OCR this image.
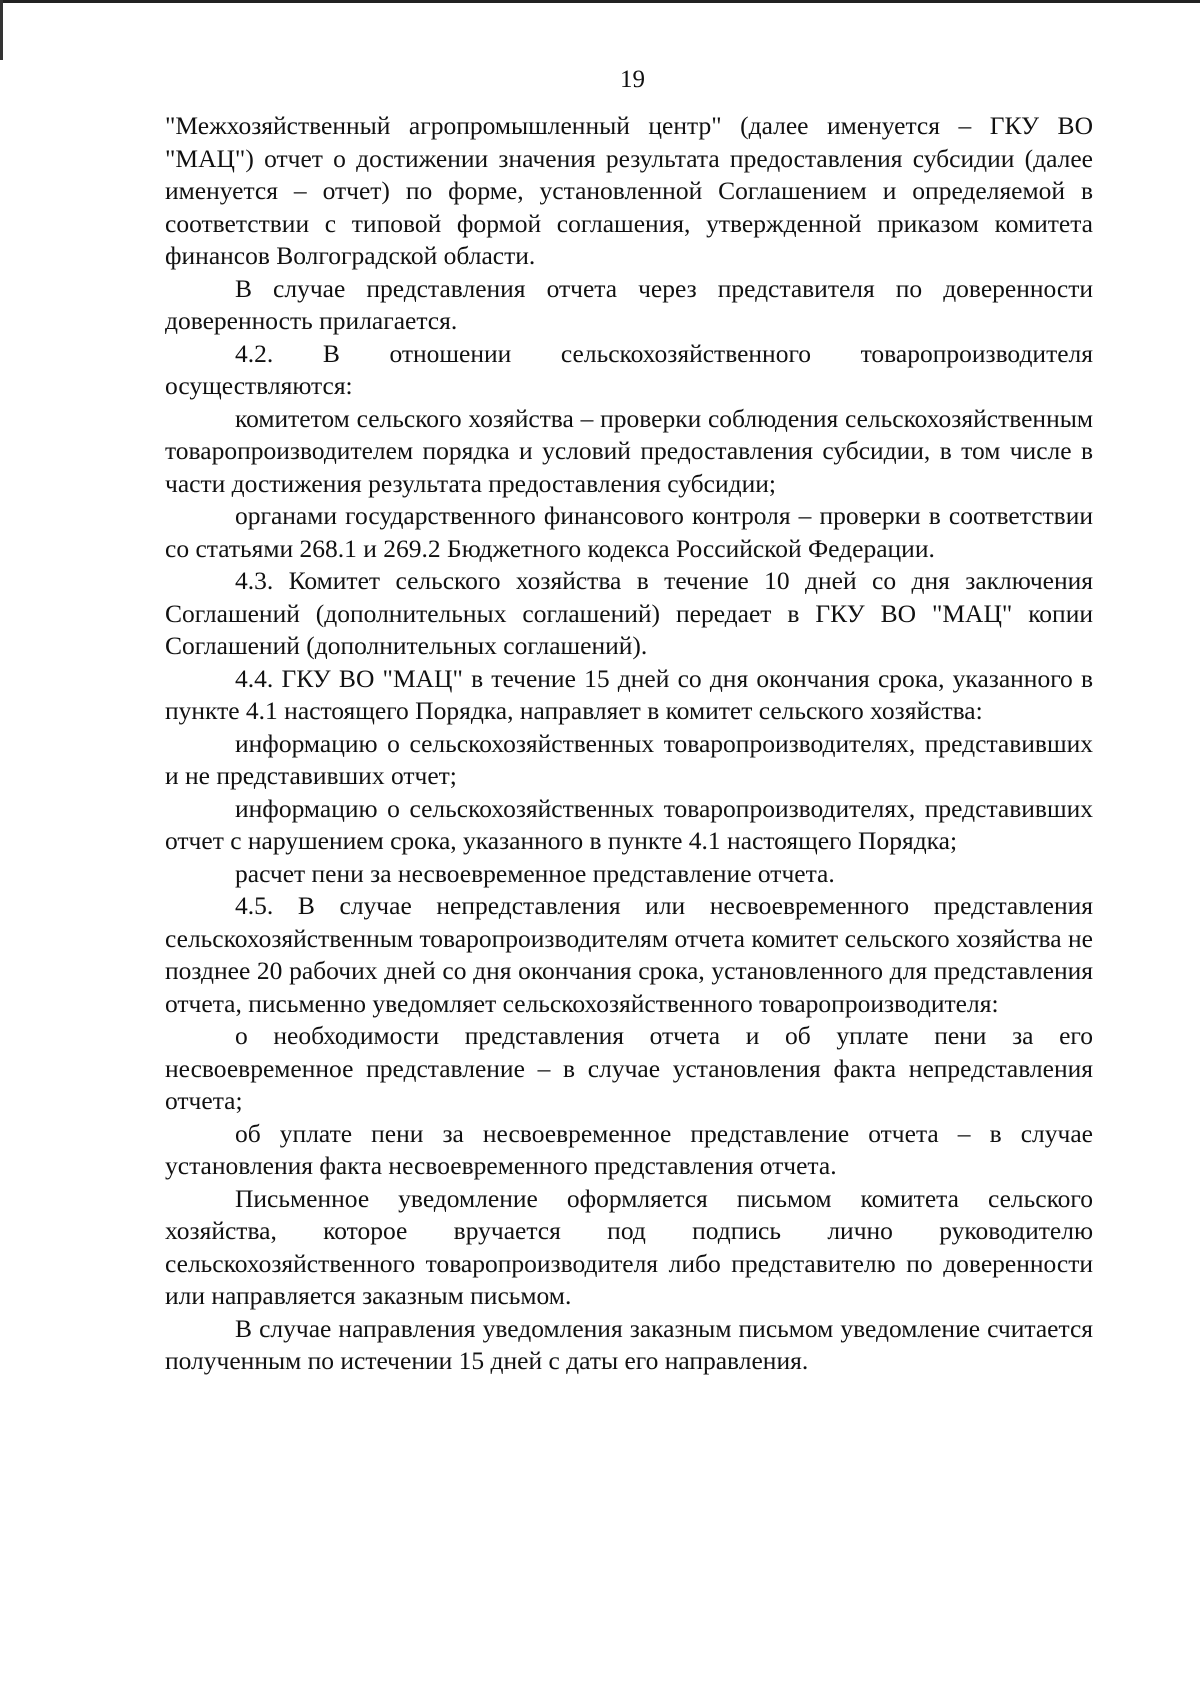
19

"Межхозяйственный агропромышленный центр" (далее именуется – ГКУ ВО "МАЦ") отчет о достижении значения результата предоставления субсидии (далее именуется – отчет) по форме, установленной Соглашением и определяемой в соответствии с типовой формой соглашения, утвержденной приказом комитета финансов Волгоградской области.

В случае представления отчета через представителя по доверенности доверенность прилагается.

4.2. В отношении сельскохозяйственного товаропроизводителя осуществляются:

комитетом сельского хозяйства – проверки соблюдения сельскохозяйственным товаропроизводителем порядка и условий предоставления субсидии, в том числе в части достижения результата предоставления субсидии;

органами государственного финансового контроля – проверки в соответствии со статьями 268.1 и 269.2 Бюджетного кодекса Российской Федерации.

4.3. Комитет сельского хозяйства в течение 10 дней со дня заключения Соглашений (дополнительных соглашений) передает в ГКУ ВО "МАЦ" копии Соглашений (дополнительных соглашений).

4.4. ГКУ ВО "МАЦ" в течение 15 дней со дня окончания срока, указанного в пункте 4.1 настоящего Порядка, направляет в комитет сельского хозяйства:

информацию о сельскохозяйственных товаропроизводителях, представивших и не представивших отчет;

информацию о сельскохозяйственных товаропроизводителях, представивших отчет с нарушением срока, указанного в пункте 4.1 настоящего Порядка;

расчет пени за несвоевременное представление отчета.

4.5. В случае непредставления или несвоевременного представления сельскохозяйственным товаропроизводителям отчета комитет сельского хозяйства не позднее 20 рабочих дней со дня окончания срока, установленного для представления отчета, письменно уведомляет сельскохозяйственного товаропроизводителя:

о необходимости представления отчета и об уплате пени за его несвоевременное представление – в случае установления факта непредставления отчета;

об уплате пени за несвоевременное представление отчета – в случае установления факта несвоевременного представления отчета.

Письменное уведомление оформляется письмом комитета сельского хозяйства, которое вручается под подпись лично руководителю сельскохозяйственного товаропроизводителя либо представителю по доверенности или направляется заказным письмом.

В случае направления уведомления заказным письмом уведомление считается полученным по истечении 15 дней с даты его направления.
